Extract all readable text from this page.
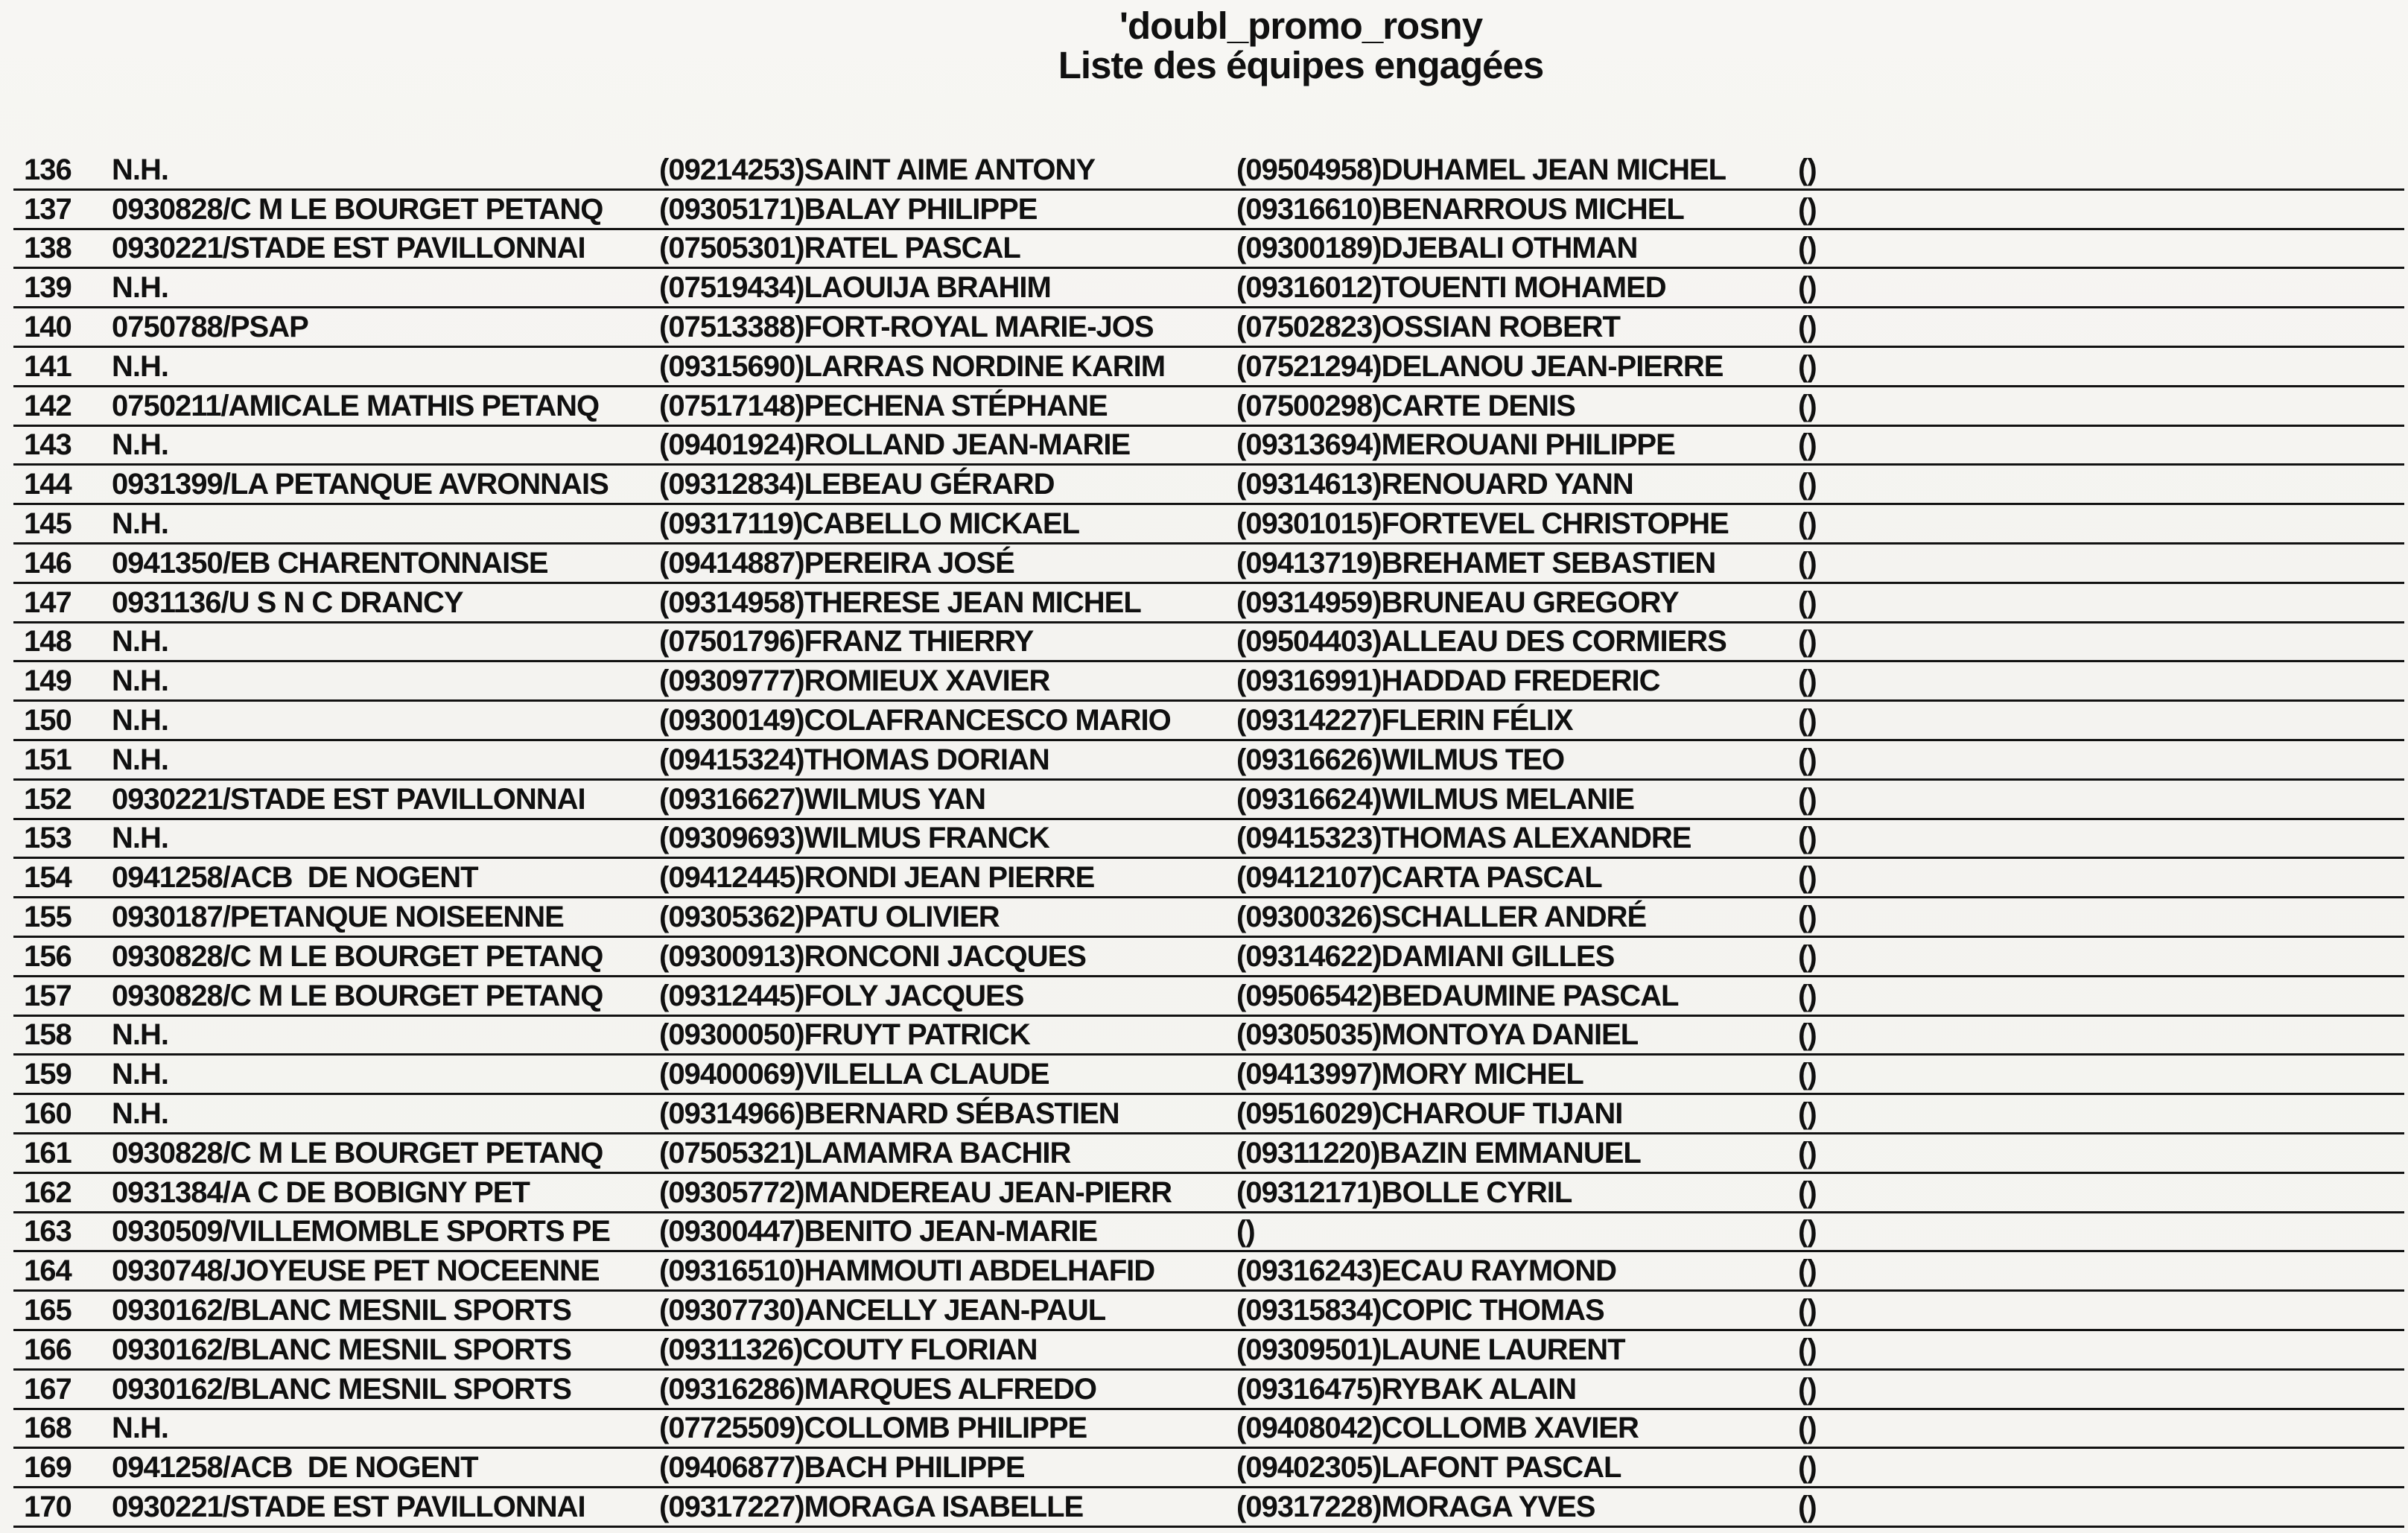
'doubl_promo_rosny
Liste des équipes engagées
136	N.H.	(09214253)SAINT AIME ANTONY	(09504958)DUHAMEL JEAN MICHEL	()
137	0930828/C M LE BOURGET PETANQ	(09305171)BALAY PHILIPPE	(09316610)BENARROUS MICHEL	()
138	0930221/STADE EST PAVILLONNAI	(07505301)RATEL PASCAL	(09300189)DJEBALI OTHMAN	()
139	N.H.	(07519434)LAOUIJA BRAHIM	(09316012)TOUENTI MOHAMED	()
140	0750788/PSAP	(07513388)FORT-ROYAL MARIE-JOS	(07502823)OSSIAN ROBERT	()
141	N.H.	(09315690)LARRAS NORDINE KARIM	(07521294)DELANOU JEAN-PIERRE	()
142	0750211/AMICALE MATHIS PETANQ	(07517148)PECHENA STÉPHANE	(07500298)CARTE DENIS	()
143	N.H.	(09401924)ROLLAND JEAN-MARIE	(09313694)MEROUANI PHILIPPE	()
144	0931399/LA PETANQUE AVRONNAIS	(09312834)LEBEAU GÉRARD	(09314613)RENOUARD YANN	()
145	N.H.	(09317119)CABELLO MICKAEL	(09301015)FORTEVEL CHRISTOPHE	()
146	0941350/EB CHARENTONNAISE	(09414887)PEREIRA JOSÉ	(09413719)BREHAMET SEBASTIEN	()
147	0931136/U S N C DRANCY	(09314958)THERESE JEAN MICHEL	(09314959)BRUNEAU GREGORY	()
148	N.H.	(07501796)FRANZ THIERRY	(09504403)ALLEAU DES CORMIERS	()
149	N.H.	(09309777)ROMIEUX XAVIER	(09316991)HADDAD FREDERIC	()
150	N.H.	(09300149)COLAFRANCESCO MARIO	(09314227)FLERIN FÉLIX	()
151	N.H.	(09415324)THOMAS DORIAN	(09316626)WILMUS TEO	()
152	0930221/STADE EST PAVILLONNAI	(09316627)WILMUS YAN	(09316624)WILMUS MELANIE	()
153	N.H.	(09309693)WILMUS FRANCK	(09415323)THOMAS ALEXANDRE	()
154	0941258/ACB  DE NOGENT	(09412445)RONDI JEAN PIERRE	(09412107)CARTA PASCAL	()
155	0930187/PETANQUE NOISEENNE	(09305362)PATU OLIVIER	(09300326)SCHALLER ANDRÉ	()
156	0930828/C M LE BOURGET PETANQ	(09300913)RONCONI JACQUES	(09314622)DAMIANI GILLES	()
157	0930828/C M LE BOURGET PETANQ	(09312445)FOLY JACQUES	(09506542)BEDAUMINE PASCAL	()
158	N.H.	(09300050)FRUYT PATRICK	(09305035)MONTOYA DANIEL	()
159	N.H.	(09400069)VILELLA CLAUDE	(09413997)MORY MICHEL	()
160	N.H.	(09314966)BERNARD SÉBASTIEN	(09516029)CHAROUF TIJANI	()
161	0930828/C M LE BOURGET PETANQ	(07505321)LAMAMRA BACHIR	(09311220)BAZIN EMMANUEL	()
162	0931384/A C DE BOBIGNY PET	(09305772)MANDEREAU JEAN-PIERR	(09312171)BOLLE CYRIL	()
163	0930509/VILLEMOMBLE SPORTS PE	(09300447)BENITO JEAN-MARIE	()	()
164	0930748/JOYEUSE PET NOCEENNE	(09316510)HAMMOUTI ABDELHAFID	(09316243)ECAU RAYMOND	()
165	0930162/BLANC MESNIL SPORTS	(09307730)ANCELLY JEAN-PAUL	(09315834)COPIC THOMAS	()
166	0930162/BLANC MESNIL SPORTS	(09311326)COUTY FLORIAN	(09309501)LAUNE LAURENT	()
167	0930162/BLANC MESNIL SPORTS	(09316286)MARQUES ALFREDO	(09316475)RYBAK ALAIN	()
168	N.H.	(07725509)COLLOMB PHILIPPE	(09408042)COLLOMB XAVIER	()
169	0941258/ACB  DE NOGENT	(09406877)BACH PHILIPPE	(09402305)LAFONT PASCAL	()
170	0930221/STADE EST PAVILLONNAI	(09317227)MORAGA ISABELLE	(09317228)MORAGA YVES	()
